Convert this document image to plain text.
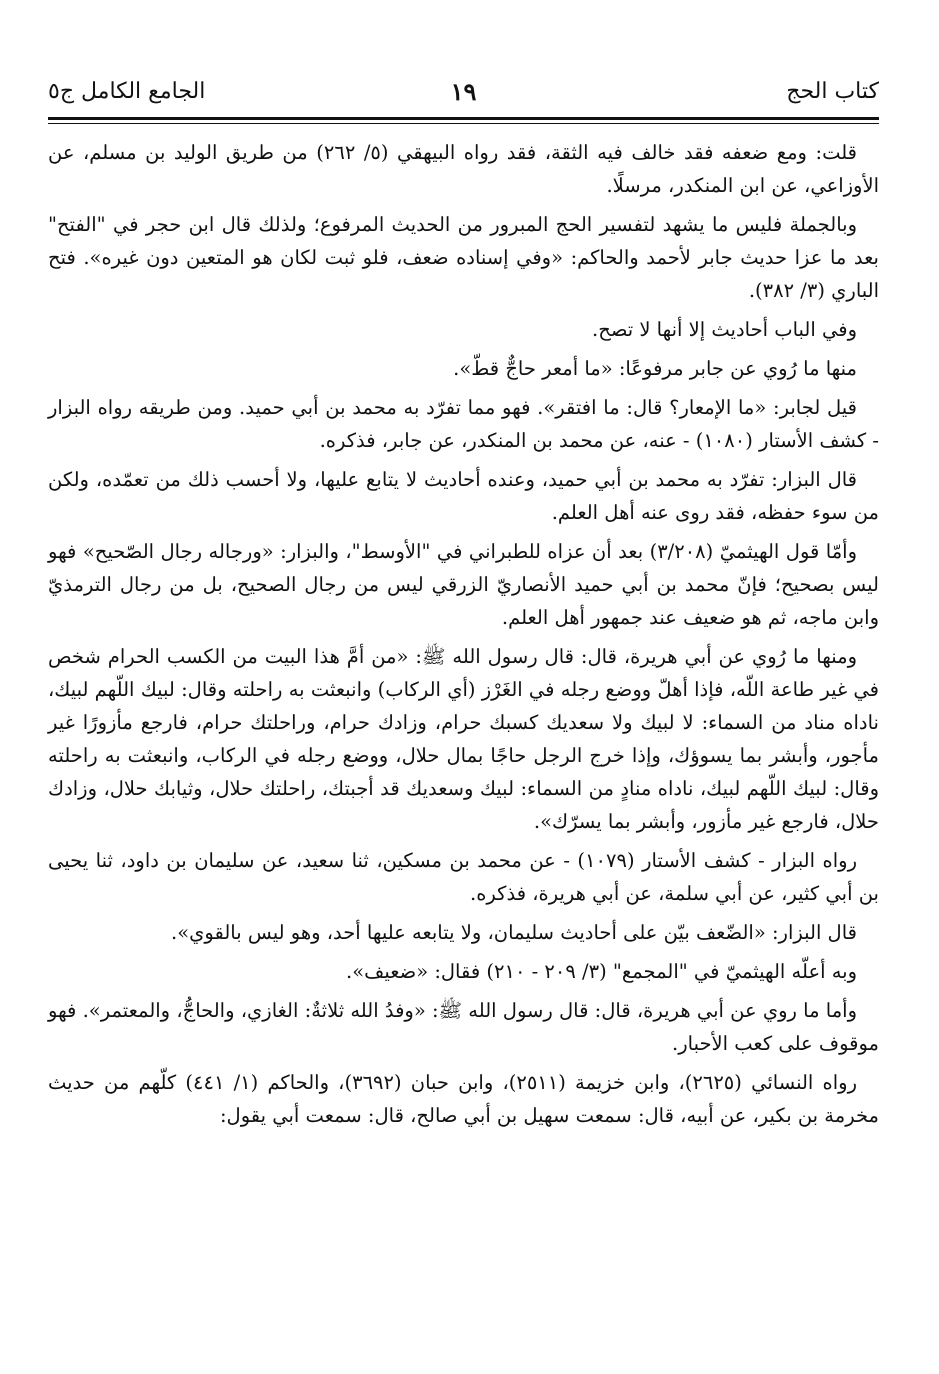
كتاب الحج
١٩
الجامع الكامل ج٥

قلت: ومع ضعفه فقد خالف فيه الثقة، فقد رواه البيهقي (٥/ ٢٦٢) من طريق الوليد بن مسلم، عن الأوزاعي، عن ابن المنكدر، مرسلًا.

وبالجملة فليس ما يشهد لتفسير الحج المبرور من الحديث المرفوع؛ ولذلك قال ابن حجر في "الفتح" بعد ما عزا حديث جابر لأحمد والحاكم: «وفي إسناده ضعف، فلو ثبت لكان هو المتعين دون غيره». فتح الباري (٣/ ٣٨٢).

وفي الباب أحاديث إلا أنها لا تصح.

منها ما رُوي عن جابر مرفوعًا: «ما أمعر حاجٌّ قطّ».

قيل لجابر: «ما الإمعار؟ قال: ما افتقر». فهو مما تفرّد به محمد بن أبي حميد. ومن طريقه رواه البزار - كشف الأستار (١٠٨٠) - عنه، عن محمد بن المنكدر، عن جابر، فذكره.

قال البزار: تفرّد به محمد بن أبي حميد، وعنده أحاديث لا يتابع عليها، ولا أحسب ذلك من تعمّده، ولكن من سوء حفظه، فقد روى عنه أهل العلم.

وأمّا قول الهيثميّ (٣/٢٠٨) بعد أن عزاه للطبراني في "الأوسط"، والبزار: «ورجاله رجال الصّحيح» فهو ليس بصحيح؛ فإنّ محمد بن أبي حميد الأنصاريّ الزرقي ليس من رجال الصحيح، بل من رجال الترمذيّ وابن ماجه، ثم هو ضعيف عند جمهور أهل العلم.

ومنها ما رُوي عن أبي هريرة، قال: قال رسول الله ﷺ: «من أمَّ هذا البيت من الكسب الحرام شخص في غير طاعة اللّه، فإذا أهلّ ووضع رجله في الغَرْز (أي الركاب) وانبعثت به راحلته وقال: لبيك اللّهم لبيك، ناداه مناد من السماء: لا لبيك ولا سعديك كسبك حرام، وزادك حرام، وراحلتك حرام، فارجع مأزورًا غير مأجور، وأبشر بما يسوؤك، وإذا خرج الرجل حاجًا بمال حلال، ووضع رجله في الركاب، وانبعثت به راحلته وقال: لبيك اللّهم لبيك، ناداه منادٍ من السماء: لبيك وسعديك قد أجبتك، راحلتك حلال، وثيابك حلال، وزادك حلال، فارجع غير مأزور، وأبشر بما يسرّك».

رواه البزار - كشف الأستار (١٠٧٩) - عن محمد بن مسكين، ثنا سعيد، عن سليمان بن داود، ثنا يحيى بن أبي كثير، عن أبي سلمة، عن أبي هريرة، فذكره.

قال البزار: «الضّعف بيّن على أحاديث سليمان، ولا يتابعه عليها أحد، وهو ليس بالقوي».

وبه أعلّه الهيثميّ في "المجمع" (٣/ ٢٠٩ - ٢١٠) فقال: «ضعيف».

وأما ما روي عن أبي هريرة، قال: قال رسول الله ﷺ: «وفدُ الله ثلاثةٌ: الغازي، والحاجُّ، والمعتمر». فهو موقوف على كعب الأحبار.

رواه النسائي (٢٦٢٥)، وابن خزيمة (٢٥١١)، وابن حبان (٣٦٩٢)، والحاكم (١/ ٤٤١) كلّهم من حديث مخرمة بن بكير، عن أبيه، قال: سمعت سهيل بن أبي صالح، قال: سمعت أبي يقول:
